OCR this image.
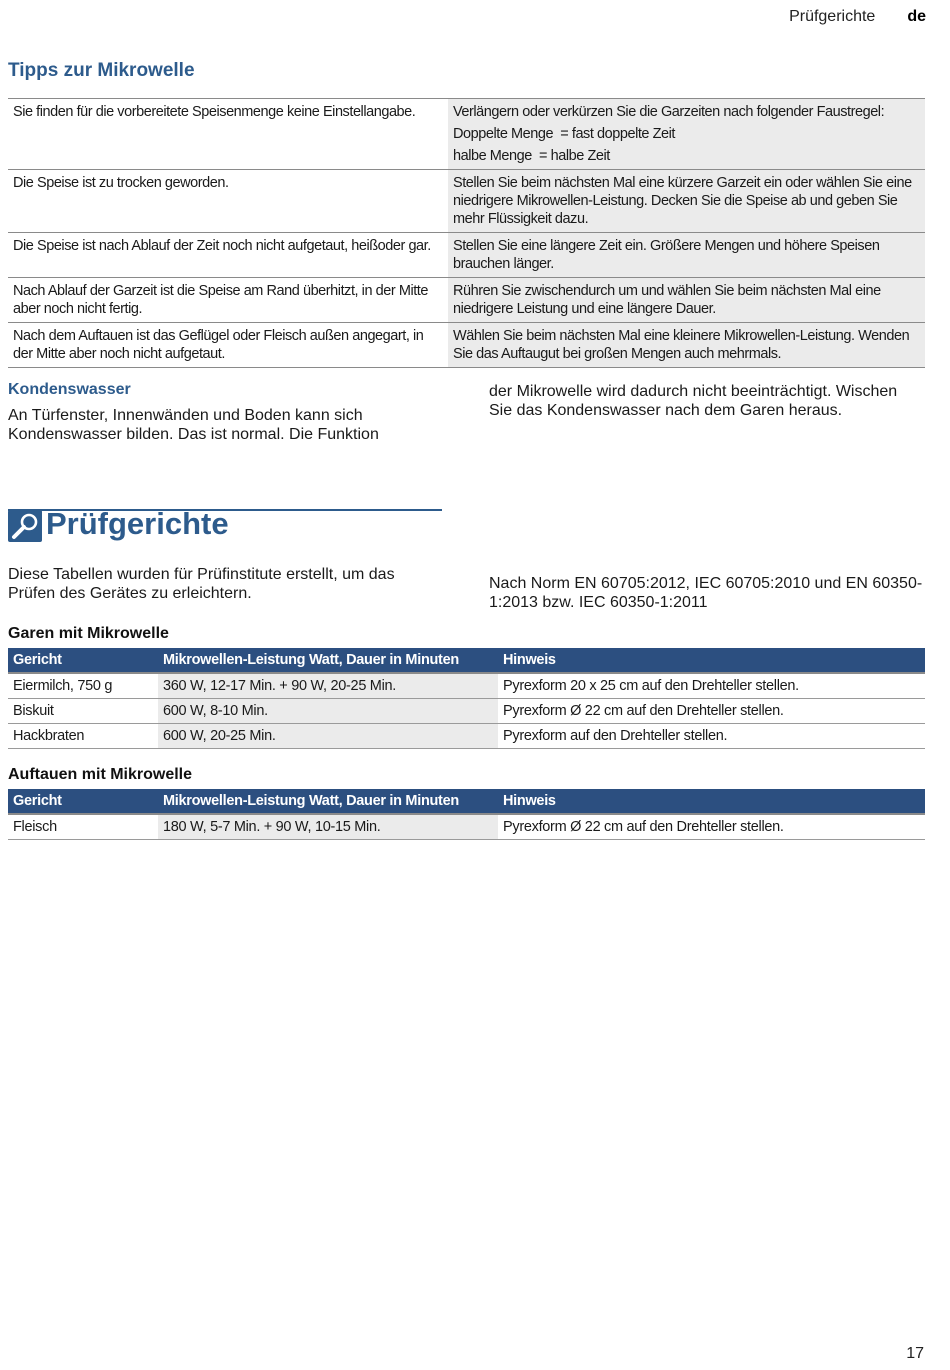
Prüfgerichte de
Tipps zur Mikrowelle
Sie finden für die vorbereitete Speisenmenge keine Einstellangabe.	Verlängern oder verkürzen Sie die Garzeiten nach folgender Faustregel:
Doppelte Menge  = fast doppelte Zeit
halbe Menge  = halbe Zeit

Die Speise ist zu trocken geworden.	Stellen Sie beim nächsten Mal eine kürzere Garzeit ein oder wählen Sie eine niedrigere Mikrowellen-Leistung. Decken Sie die Speise ab und geben Sie mehr Flüssigkeit dazu.

Die Speise ist nach Ablauf der Zeit noch nicht aufgetaut, heißoder gar.	Stellen Sie eine längere Zeit ein. Größere Mengen und höhere Speisen brauchen länger.

Nach Ablauf der Garzeit ist die Speise am Rand überhitzt, in der Mitte aber noch nicht fertig.	Rühren Sie zwischendurch um und wählen Sie beim nächsten Mal eine niedrigere Leistung und eine längere Dauer.

Nach dem Auftauen ist das Geflügel oder Fleisch außen angegart, in der Mitte aber noch nicht aufgetaut.	Wählen Sie beim nächsten Mal eine kleinere Mikrowellen-Leistung. Wenden Sie das Auftaugut bei großen Mengen auch mehrmals.
Kondenswasser
An Türfenster, Innenwänden und Boden kann sich Kondenswasser bilden. Das ist normal. Die Funktion
der Mikrowelle wird dadurch nicht beeinträchtigt. Wischen Sie das Kondenswasser nach dem Garen heraus.
Prüfgerichte
Diese Tabellen wurden für Prüfinstitute erstellt, um das Prüfen des Gerätes zu erleichtern.
Nach Norm EN 60705:2012, IEC 60705:2010 und EN 60350-1:2013 bzw. IEC 60350-1:2011
Garen mit Mikrowelle
Gericht	Mikrowellen-Leistung Watt, Dauer in Minuten	Hinweis
Eiermilch, 750 g	360 W, 12-17 Min. + 90 W, 20-25 Min.	Pyrexform 20 x 25 cm auf den Drehteller stellen.
Biskuit	600 W, 8-10 Min.	Pyrexform Ø 22 cm auf den Drehteller stellen.
Hackbraten	600 W, 20-25 Min.	Pyrexform auf den Drehteller stellen.
Auftauen mit Mikrowelle
Gericht	Mikrowellen-Leistung Watt, Dauer in Minuten	Hinweis
Fleisch	180 W, 5-7 Min. + 90 W, 10-15 Min.	Pyrexform Ø 22 cm auf den Drehteller stellen.
17
